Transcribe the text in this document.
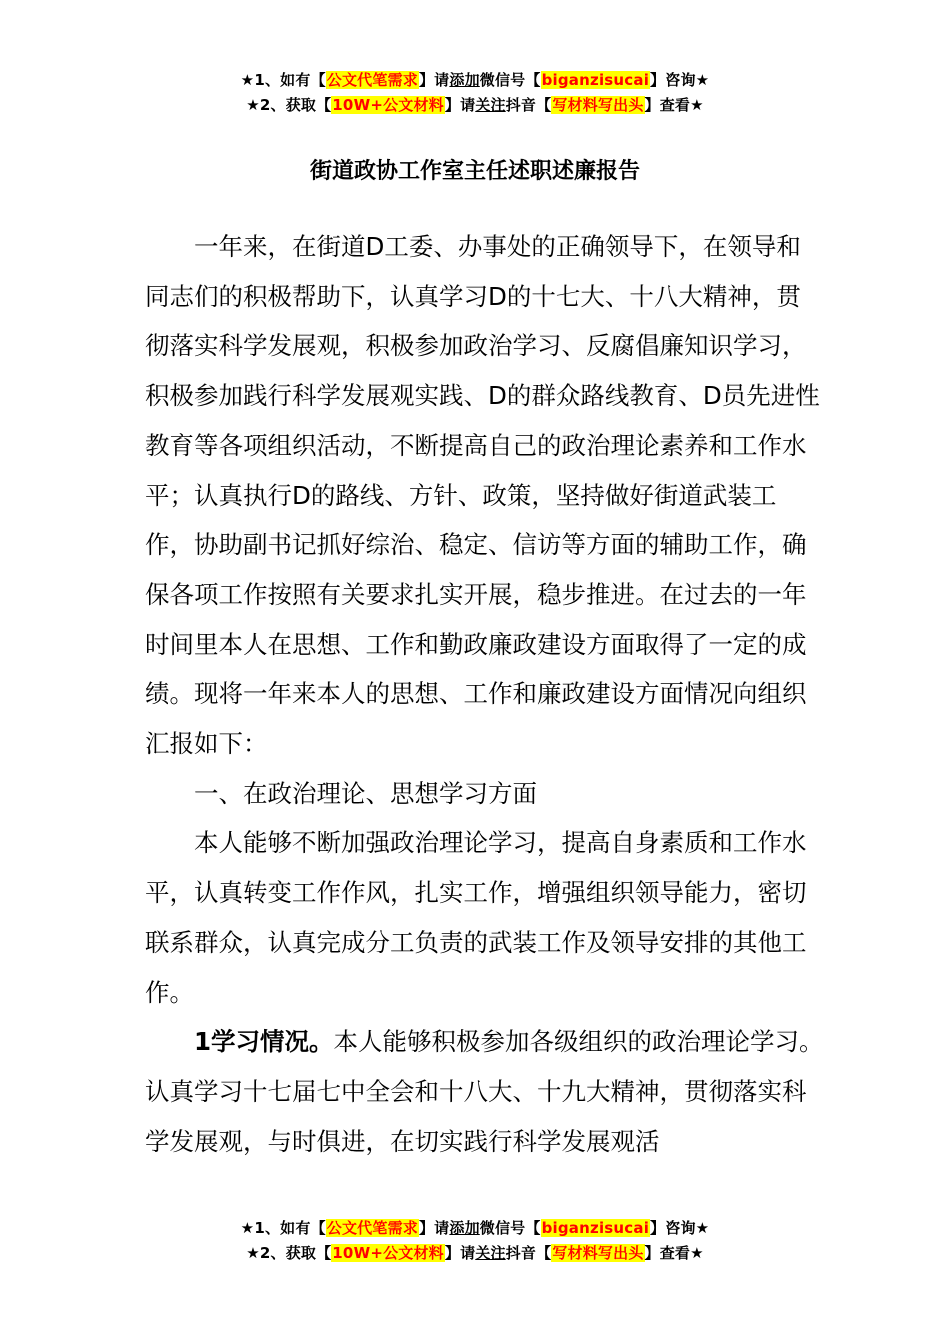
★1、如有【公文代笔需求】请添加微信号【biganzisucai】咨询★
★2、获取【10W+公文材料】请关注抖音【写材料写出头】查看★
街道政协工作室主任述职述廉报告

一年来，在街道D工委、办事处的正确领导下，在领导和同志们的积极帮助下，认真学习D的十七大、十八大精神，贯彻落实科学发展观，积极参加政治学习、反腐倡廉知识学习，积极参加践行科学发展观实践、D的群众路线教育、D员先进性教育等各项组织活动，不断提高自己的政治理论素养和工作水平；认真执行D的路线、方针、政策，坚持做好街道武装工作，协助副书记抓好综治、稳定、信访等方面的辅助工作，确保各项工作按照有关要求扎实开展，稳步推进。在过去的一年时间里本人在思想、工作和勤政廉政建设方面取得了一定的成绩。现将一年来本人的思想、工作和廉政建设方面情况向组织汇报如下：

一、在政治理论、思想学习方面

本人能够不断加强政治理论学习，提高自身素质和工作水平，认真转变工作作风，扎实工作，增强组织领导能力，密切联系群众，认真完成分工负责的武装工作及领导安排的其他工作。

1学习情况。本人能够积极参加各级组织的政治理论学习。认真学习十七届七中全会和十八大、十九大精神，贯彻落实科学发展观，与时俱进，在切实践行科学发展观活

★1、如有【公文代笔需求】请添加微信号【biganzisucai】咨询★
★2、获取【10W+公文材料】请关注抖音【写材料写出头】查看★
